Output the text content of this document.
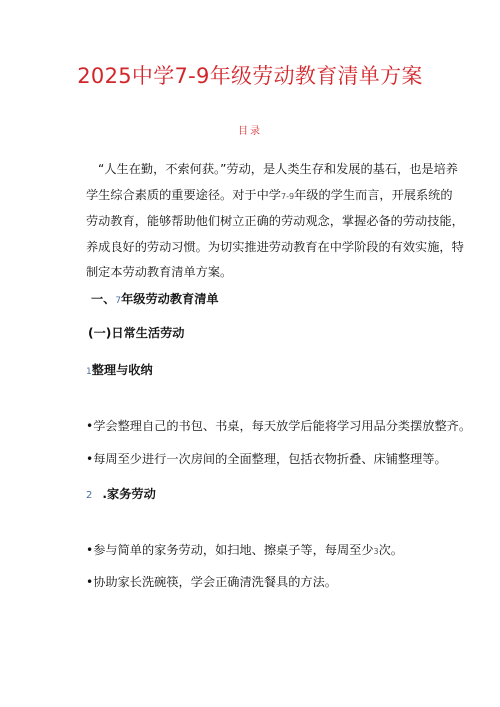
2025中学7-9年级劳动教育清单方案
目录
“人生在勤，不索何获。”劳动，是人类生存和发展的基石，也是培养学生综合素质的重要途径。对于中学7-9年级的学生而言，开展系统的劳动教育，能够帮助他们树立正确的劳动观念，掌握必备的劳动技能，养成良好的劳动习惯。为切实推进劳动教育在中学阶段的有效实施，特制定本劳动教育清单方案。
一、7年级劳动教育清单
(一)日常生活劳动
1整理与收纳
•学会整理自己的书包、书桌，每天放学后能将学习用品分类摆放整齐。
•每周至少进行一次房间的全面整理，包括衣物折叠、床铺整理等。
2 .家务劳动
•参与简单的家务劳动，如扫地、擦桌子等，每周至少3次。
•协助家长洗碗筷，学会正确清洗餐具的方法。
